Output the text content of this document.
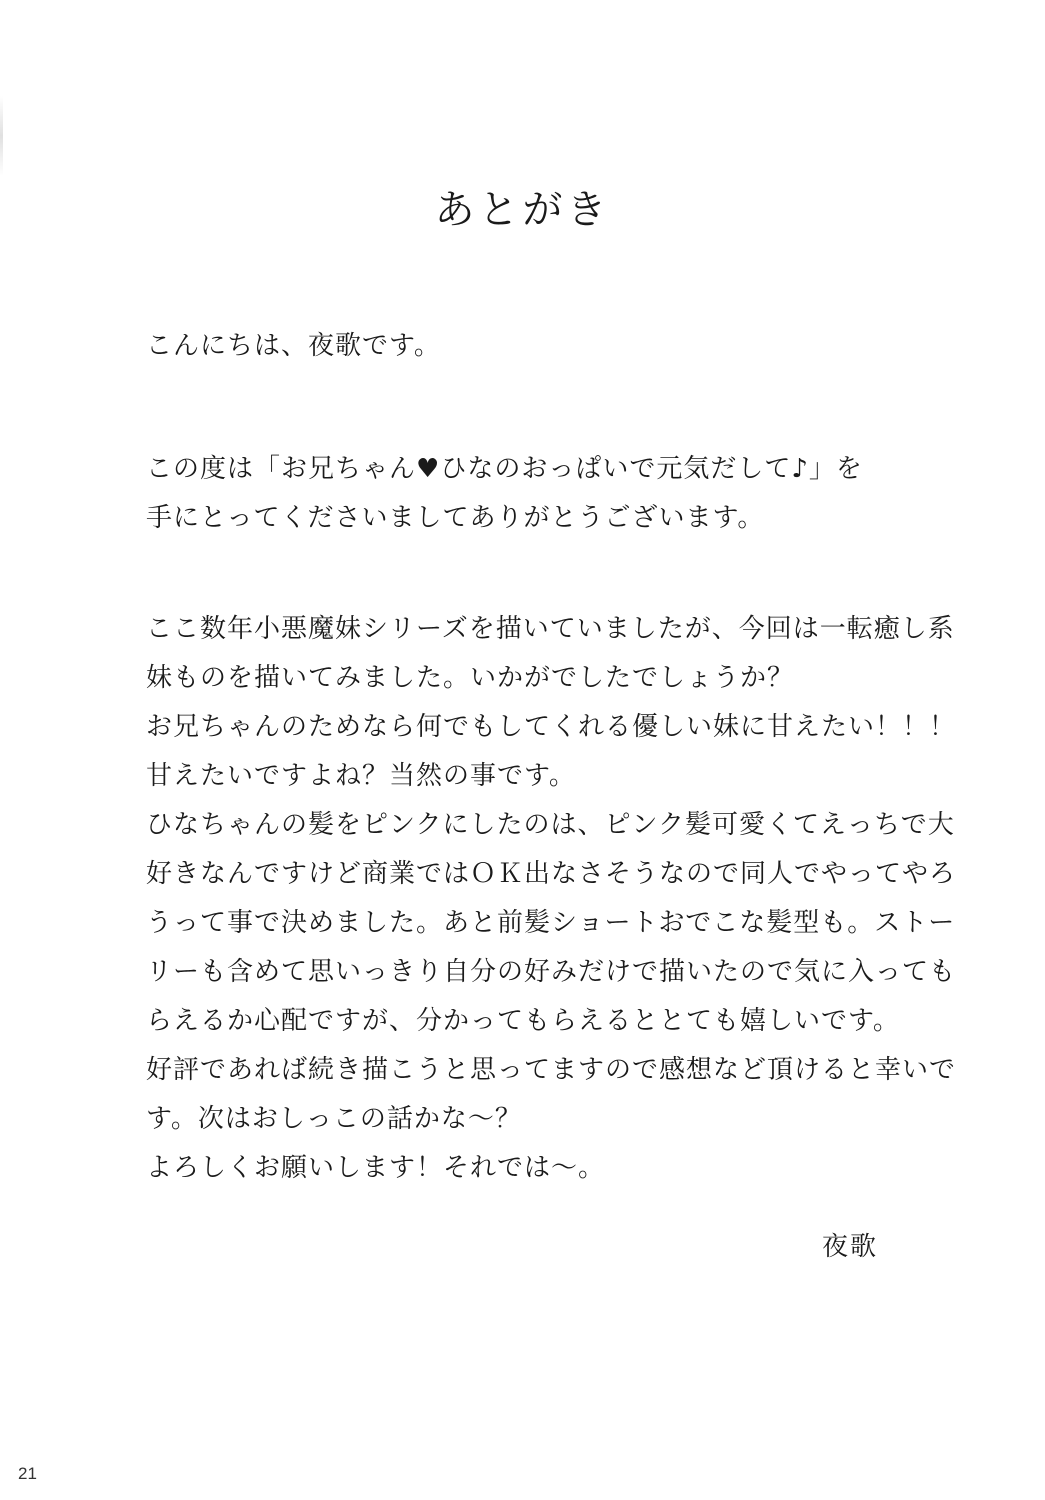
あとがき
こんにちは、夜歌です。
この度は「お兄ちゃん♥ひなのおっぱいで元気だして♪」を
手にとってくださいましてありがとうございます。
ここ数年小悪魔妹シリーズを描いていましたが、今回は一転癒し系
妹ものを描いてみました。いかがでしたでしょうか？
お兄ちゃんのためなら何でもしてくれる優しい妹に甘えたい！！！
甘えたいですよね？当然の事です。
ひなちゃんの髪をピンクにしたのは、ピンク髪可愛くてえっちで大
好きなんですけど商業ではＯＫ出なさそうなので同人でやってやろ
うって事で決めました。あと前髪ショートおでこな髪型も。ストー
リーも含めて思いっきり自分の好みだけで描いたので気に入っても
らえるか心配ですが、分かってもらえるととても嬉しいです。
好評であれば続き描こうと思ってますので感想など頂けると幸いで
す。次はおしっこの話かな～？
よろしくお願いします！それでは～。
夜歌
21
